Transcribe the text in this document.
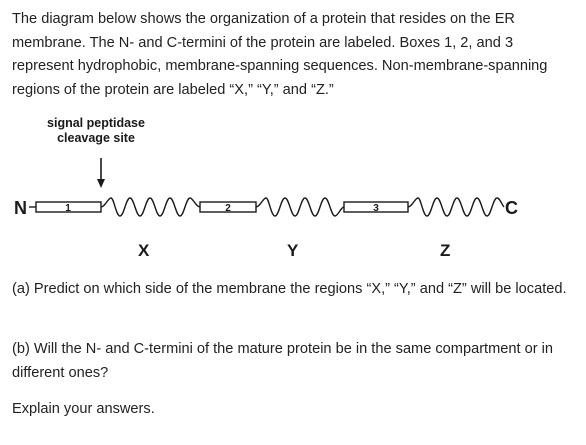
The diagram below shows the organization of a protein that resides on the ER membrane. The N- and C-termini of the protein are labeled. Boxes 1, 2, and 3 represent hydrophobic, membrane-spanning sequences. Non-membrane-spanning regions of the protein are labeled “X,” “Y,” and “Z.”
signal peptidase
cleavage site
N	1	2	3	C
X	Y	Z
(a) Predict on which side of the membrane the regions “X,” “Y,” and “Z” will be located.
(b) Will the N- and C-termini of the mature protein be in the same compartment or in different ones?
Explain your answers.
